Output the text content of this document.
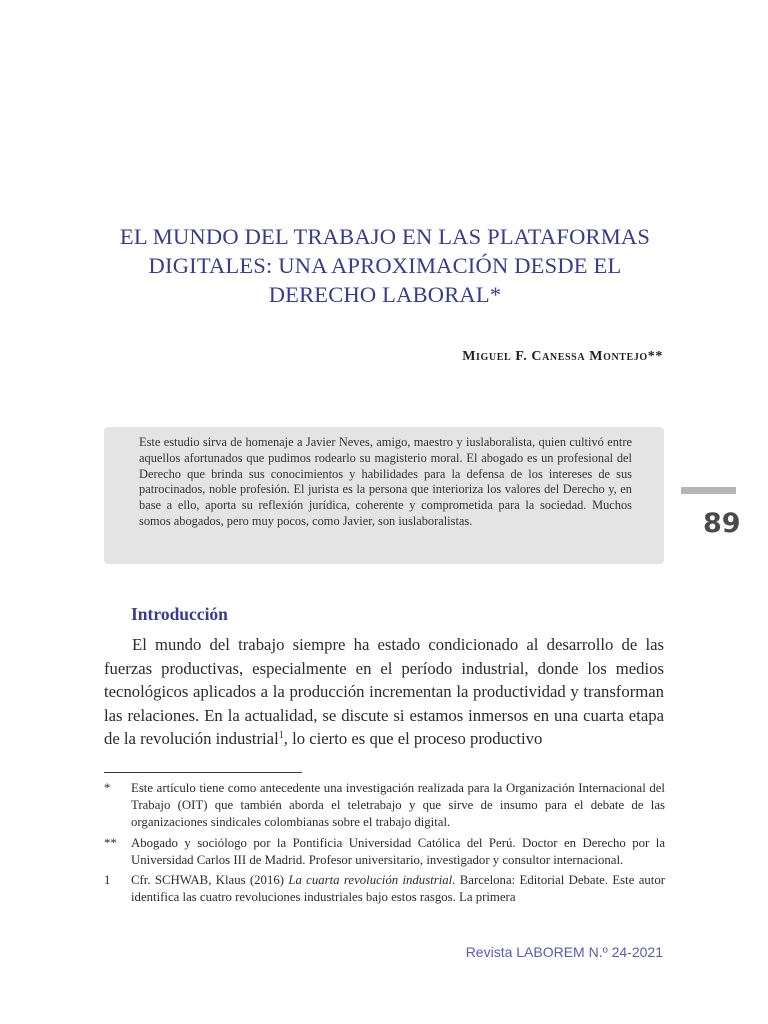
EL MUNDO DEL TRABAJO EN LAS PLATAFORMAS
DIGITALES: UNA APROXIMACIÓN DESDE EL
DERECHO LABORAL*
Miguel F. Canessa Montejo**
Este estudio sirva de homenaje a Javier Neves, amigo, maestro y iuslaboralista, quien cultivó entre aquellos afortunados que pudimos rodearlo su magisterio moral. El abogado es un profesional del Derecho que brinda sus conocimientos y habilidades para la defensa de los intereses de sus patrocinados, noble profesión. El jurista es la persona que interioriza los valores del Derecho y, en base a ello, aporta su reflexión jurídica, coherente y comprometida para la sociedad. Muchos somos abogados, pero muy pocos, como Javier, son iuslaboralistas.	89
Introducción

El mundo del trabajo siempre ha estado condicionado al desarrollo de las fuerzas productivas, especialmente en el período industrial, donde los medios tecnológicos aplicados a la producción incrementan la productividad y transforman las relaciones. En la actualidad, se discute si estamos inmersos en una cuarta etapa de la revolución industrial$^1$, lo cierto es que el proceso productivo

*	Este artículo tiene como antecedente una investigación realizada para la Organización Internacional del Trabajo (OIT) que también aborda el teletrabajo y que sirve de insumo para el debate de las organizaciones sindicales colombianas sobre el trabajo digital.
**	Abogado y sociólogo por la Pontificia Universidad Católica del Perú. Doctor en Derecho por la Universidad Carlos III de Madrid. Profesor universitario, investigador y consultor internacional.
1	Cfr. SCHWAB, Klaus (2016) La cuarta revolución industrial. Barcelona: Editorial Debate. Este autor identifica las cuatro revoluciones industriales bajo estos rasgos. La primera
Revista LABOREM N.º 24-2021
